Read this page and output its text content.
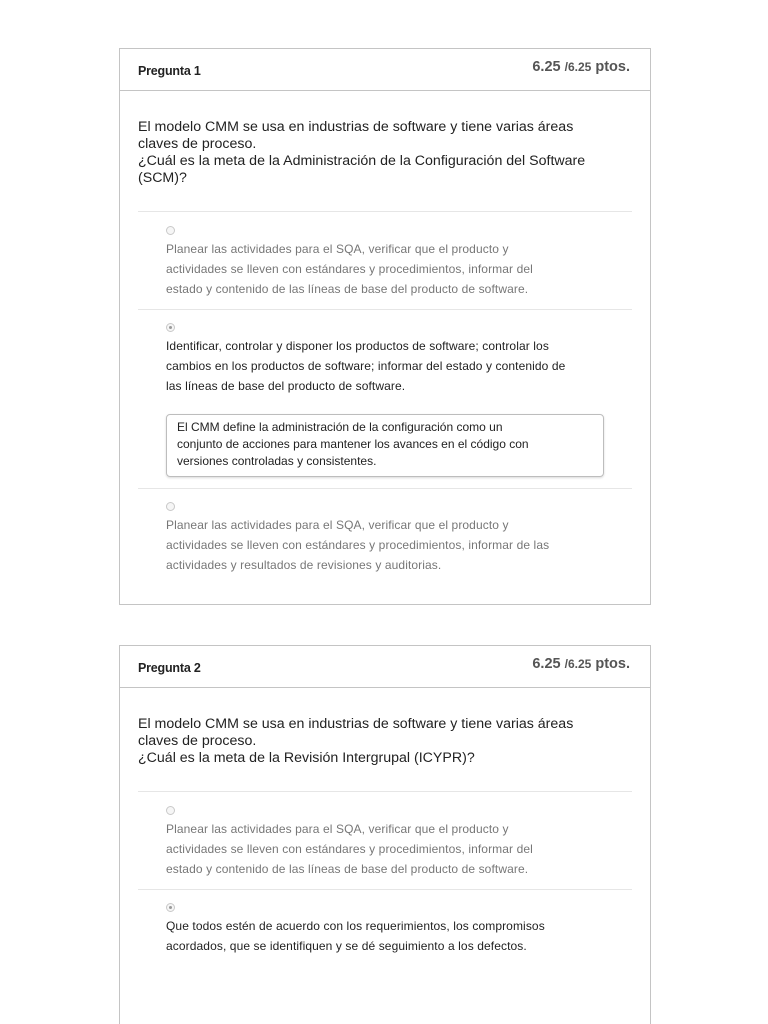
Pregunta 1	6.25 /6.25 ptos.
El modelo CMM se usa en industrias de software y tiene varias áreas
claves de proceso.
¿Cuál es la meta de la Administración de la Configuración del Software
(SCM)?
Planear las actividades para el SQA, verificar que el producto y
actividades se lleven con estándares y procedimientos, informar del
estado y contenido de las líneas de base del producto de software.
Identificar, controlar y disponer los productos de software; controlar los
cambios en los productos de software; informar del estado y contenido de
las líneas de base del producto de software.
El CMM define la administración de la configuración como un
conjunto de acciones para mantener los avances en el código con
versiones controladas y consistentes.
Planear las actividades para el SQA, verificar que el producto y
actividades se lleven con estándares y procedimientos, informar de las
actividades y resultados de revisiones y auditorias.
Pregunta 2	6.25 /6.25 ptos.
El modelo CMM se usa en industrias de software y tiene varias áreas
claves de proceso.
¿Cuál es la meta de la Revisión Intergrupal (ICYPR)?
Planear las actividades para el SQA, verificar que el producto y
actividades se lleven con estándares y procedimientos, informar del
estado y contenido de las líneas de base del producto de software.
Que todos estén de acuerdo con los requerimientos, los compromisos
acordados, que se identifiquen y se dé seguimiento a los defectos.
